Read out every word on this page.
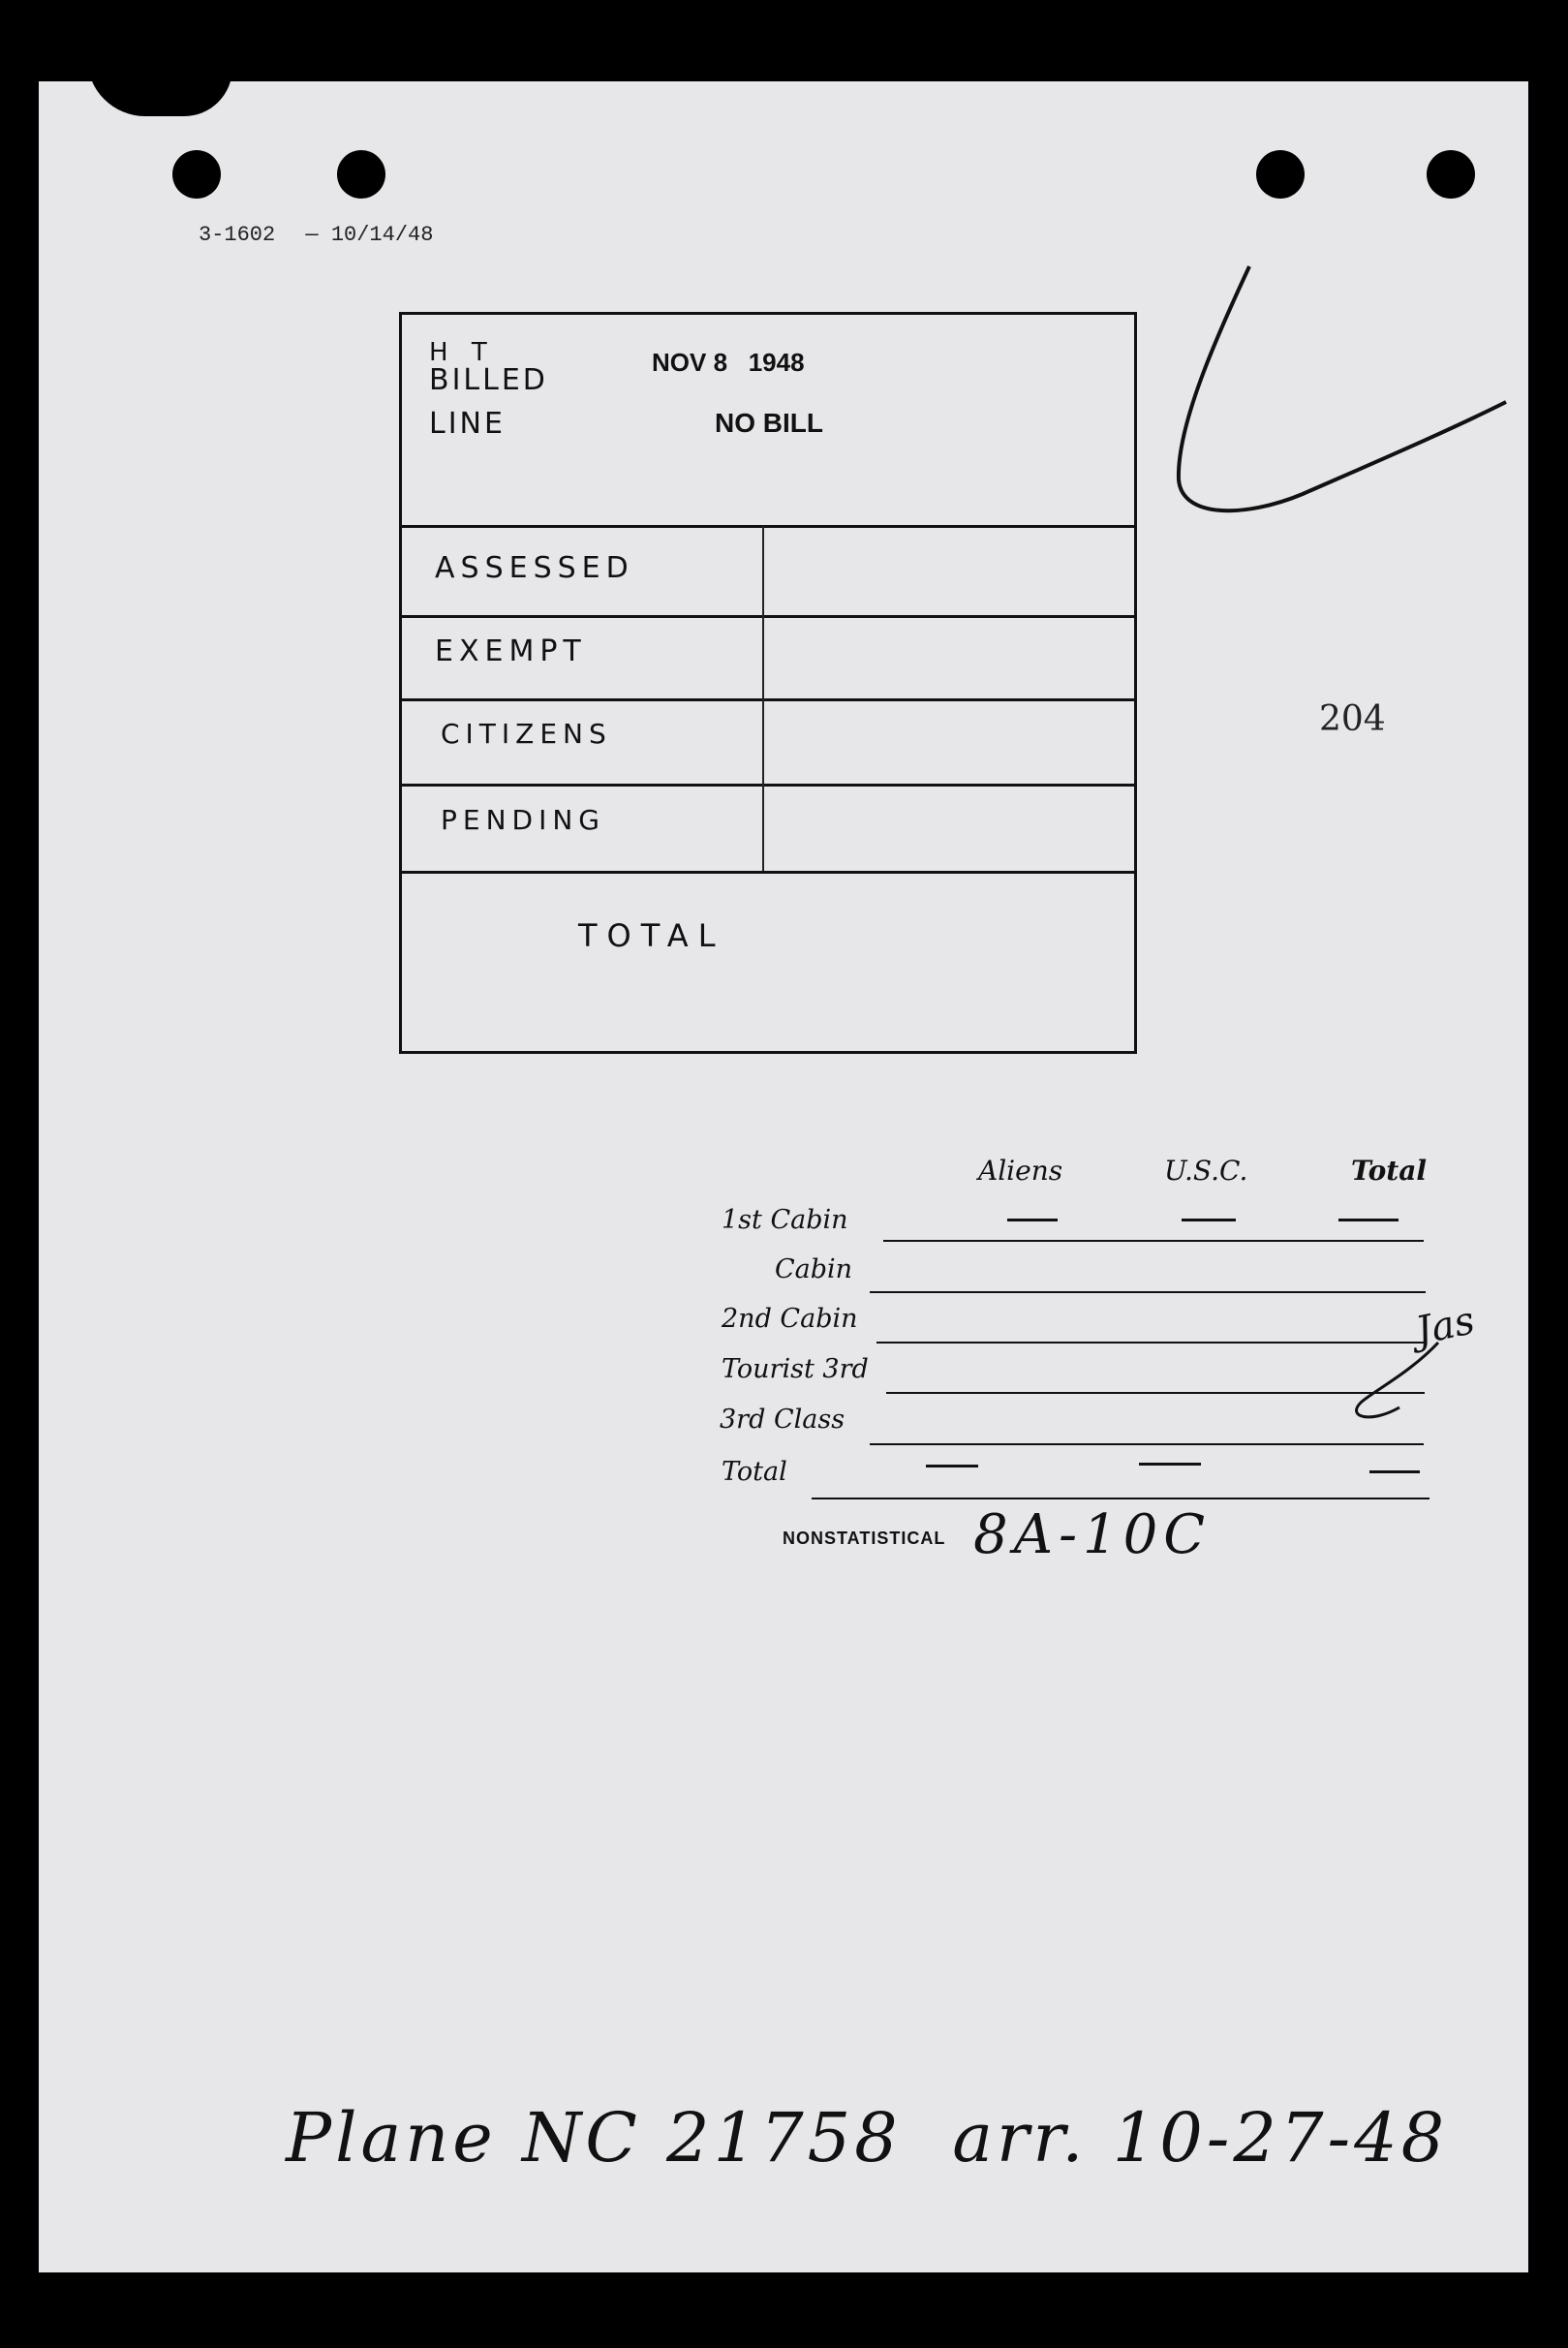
3-1602 — 10/14/48
H T
BILLED
LINE
NOV 8   1948
NO BILL
ASSESSED
EXEMPT
CITIZENS
PENDING
TOTAL
204
Aliens	U.S.C.	Total
1st Cabin
Cabin
2nd Cabin
Tourist 3rd
3rd Class
Total
Jas
NONSTATISTICAL 8A-10C
Plane NC 21758  arr. 10-27-48
